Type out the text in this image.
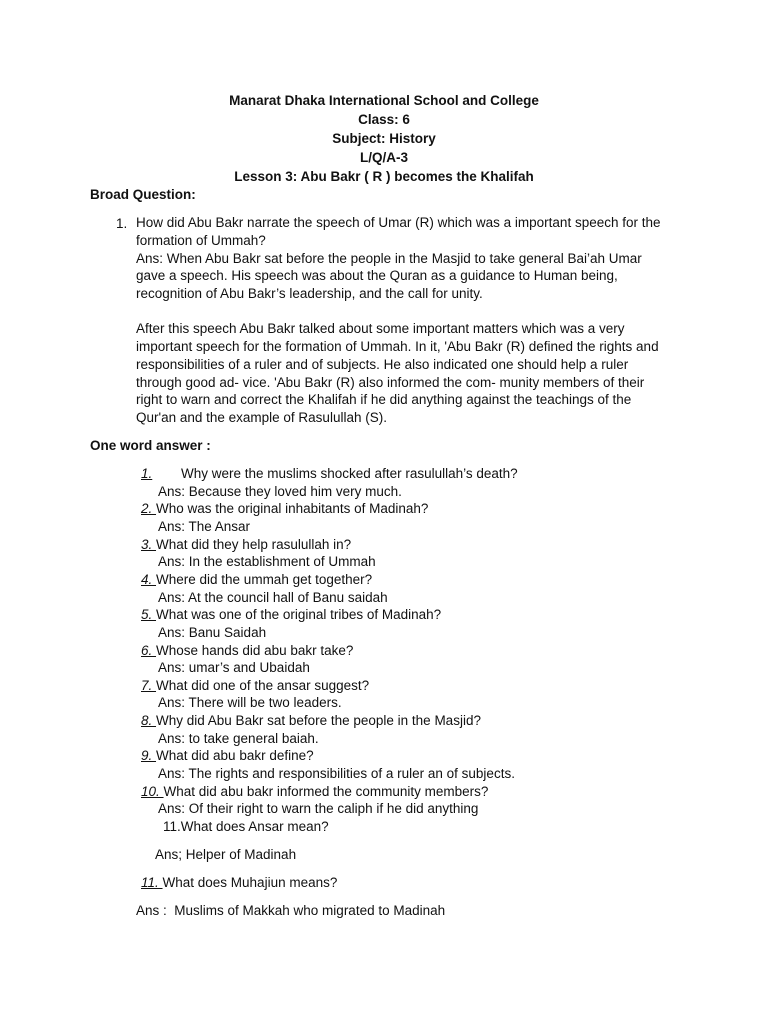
Manarat Dhaka International School and College
Class: 6
Subject: History
L/Q/A-3
Lesson 3: Abu Bakr ( R ) becomes the Khalifah
Broad Question:
1. How did Abu Bakr narrate the speech of Umar (R) which was a important speech for the
formation of Ummah?
Ans: When Abu Bakr sat before the people in the Masjid to take general Bai’ah Umar
gave a speech. His speech was about the Quran as a guidance to Human being,
recognition of Abu Bakr’s leadership, and the call for unity.
After this speech Abu Bakr talked about some important matters which was a very
important speech for the formation of Ummah. In it, 'Abu Bakr (R) defined the rights and
responsibilities of a ruler and of subjects. He also indicated one should help a ruler
through good ad- vice. 'Abu Bakr (R) also informed the com- munity members of their
right to warn and correct the Khalifah if he did anything against the teachings of the
Qur'an and the example of Rasulullah (S).
One word answer :
1.Why were the muslims shocked after rasulullah’s death?
Ans: Because they loved him very much.
2. Who was the original inhabitants of Madinah?
Ans: The Ansar
3. What did they help rasulullah in?
Ans: In the establishment of Ummah
4. Where did the ummah get together?
Ans: At the council hall of Banu saidah
5. What was one of the original tribes of Madinah?
Ans: Banu Saidah
6. Whose hands did abu bakr take?
Ans: umar’s and Ubaidah
7. What did one of the ansar suggest?
Ans: There will be two leaders.
8. Why did Abu Bakr sat before the people in the Masjid?
Ans: to take general baiah.
9. What did abu bakr define?
Ans: The rights and responsibilities of a ruler an of subjects.
10. What did abu bakr informed the community members?
Ans: Of their right to warn the caliph if he did anything
11.What does Ansar mean?
Ans; Helper of Madinah
11. What does Muhajiun means?
Ans :  Muslims of Makkah who migrated to Madinah
